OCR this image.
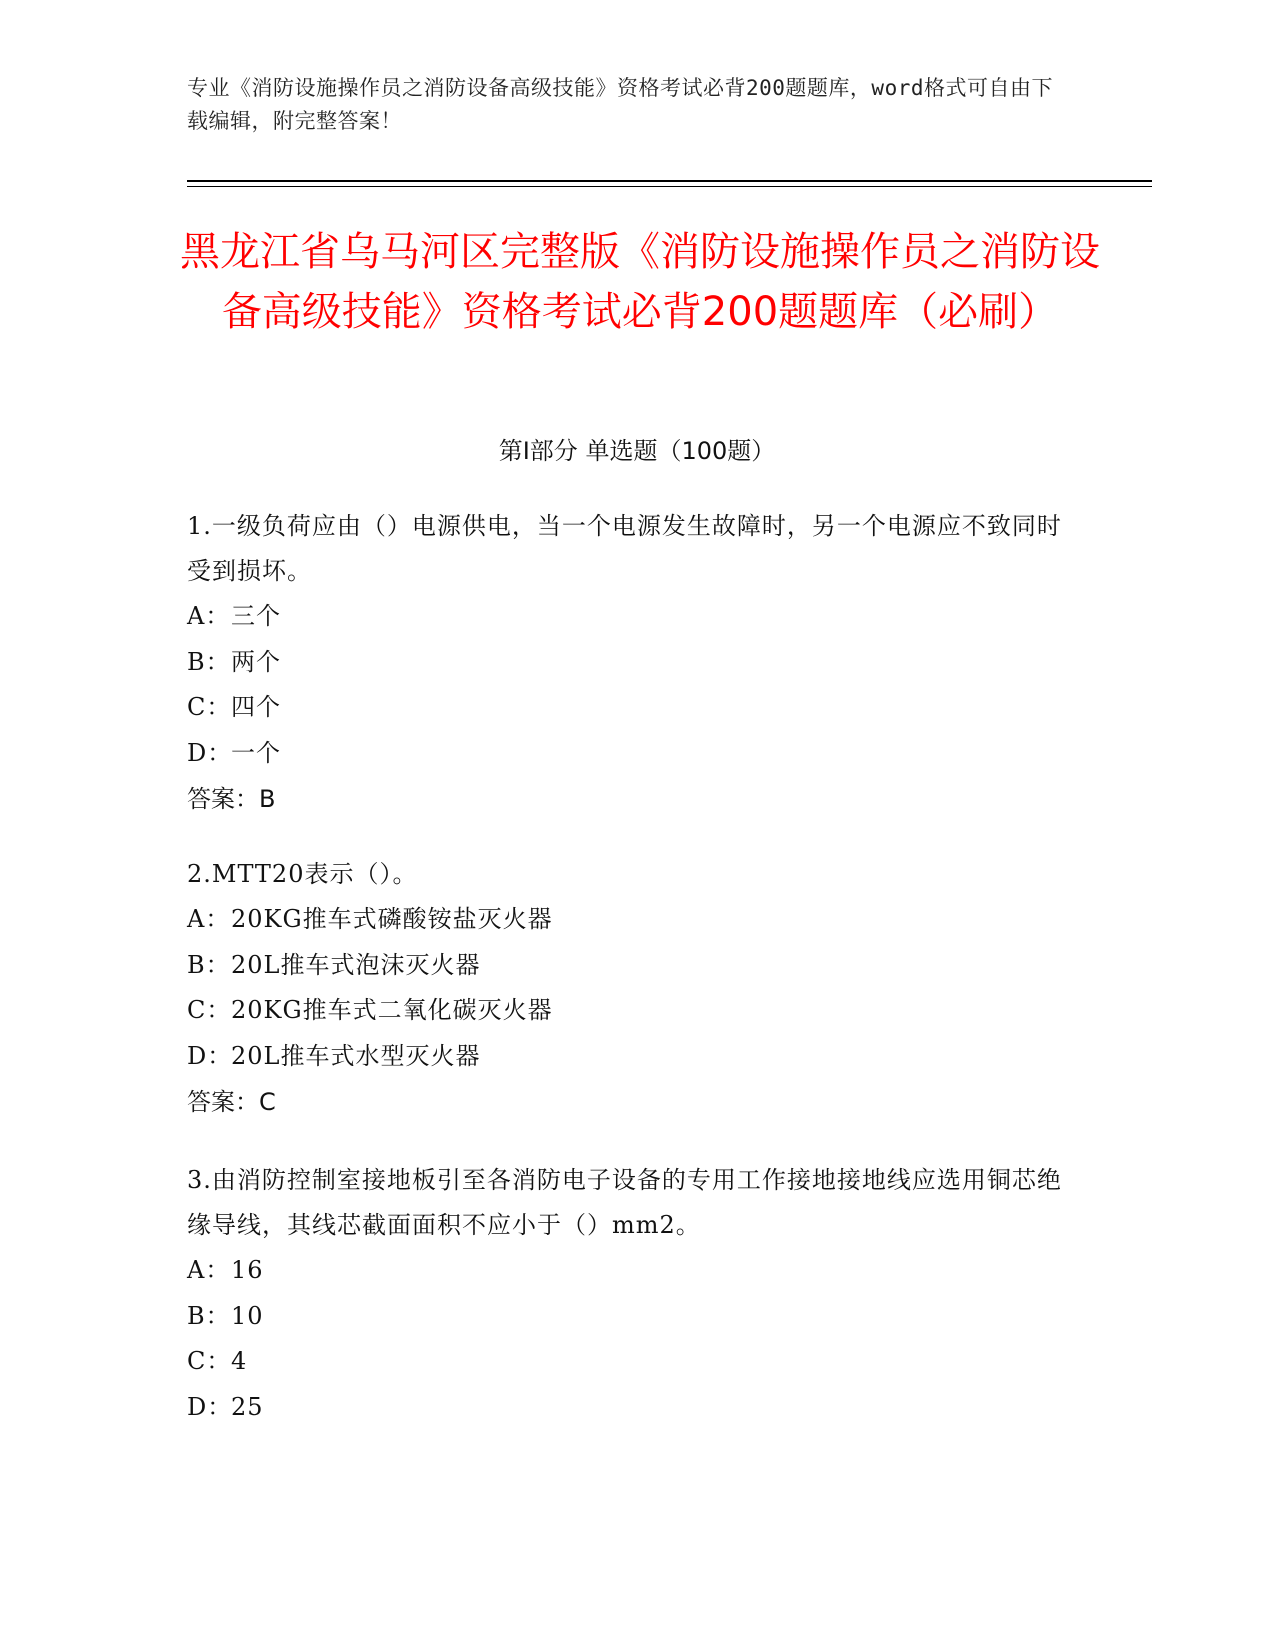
专业《消防设施操作员之消防设备高级技能》资格考试必背200题题库，word格式可自由下载编辑，附完整答案！
黑龙江省乌马河区完整版《消防设施操作员之消防设备高级技能》资格考试必背200题题库（必刷）
第Ⅰ部分 单选题（100题）
1.一级负荷应由（）电源供电，当一个电源发生故障时，另一个电源应不致同时受到损坏。
A：三个
B：两个
C：四个
D：一个
答案：B
2.MTT20表示（）。
A：20KG推车式磷酸铵盐灭火器
B：20L推车式泡沫灭火器
C：20KG推车式二氧化碳灭火器
D：20L推车式水型灭火器
答案：C
3.由消防控制室接地板引至各消防电子设备的专用工作接地接地线应选用铜芯绝缘导线，其线芯截面面积不应小于（）mm2。
A：16
B：10
C：4
D：25
